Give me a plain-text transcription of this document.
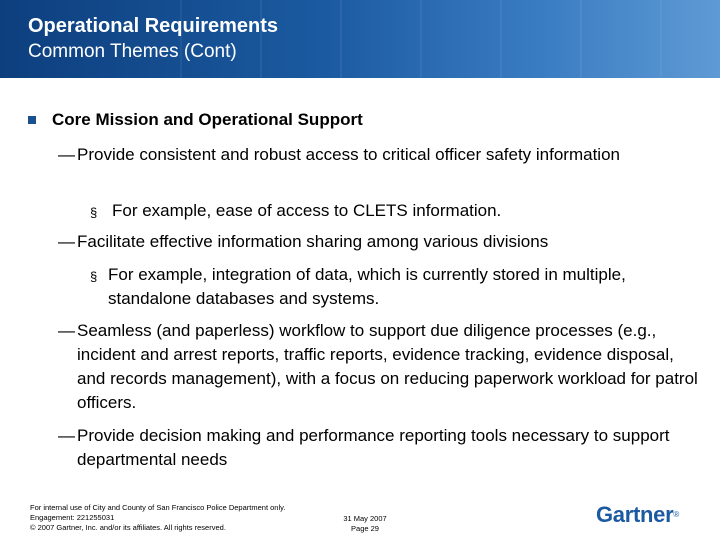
Operational Requirements
Common Themes (Cont)
Core Mission and Operational Support
— Provide consistent and robust access to critical officer safety information
§ For example, ease of access to CLETS information.
— Facilitate effective information sharing among various divisions
§ For example, integration of data, which is currently stored in multiple, standalone databases and systems.
— Seamless (and paperless) workflow to support due diligence processes (e.g., incident and arrest reports, traffic reports, evidence tracking, evidence disposal, and records management), with a focus on reducing paperwork workload for patrol officers.
— Provide decision making and performance reporting tools necessary to support departmental needs
For internal use of City and County of San Francisco Police Department only.
Engagement: 221255031
© 2007 Gartner, Inc. and/or its affiliates. All rights reserved.
31 May 2007
Page 29
Gartner®
